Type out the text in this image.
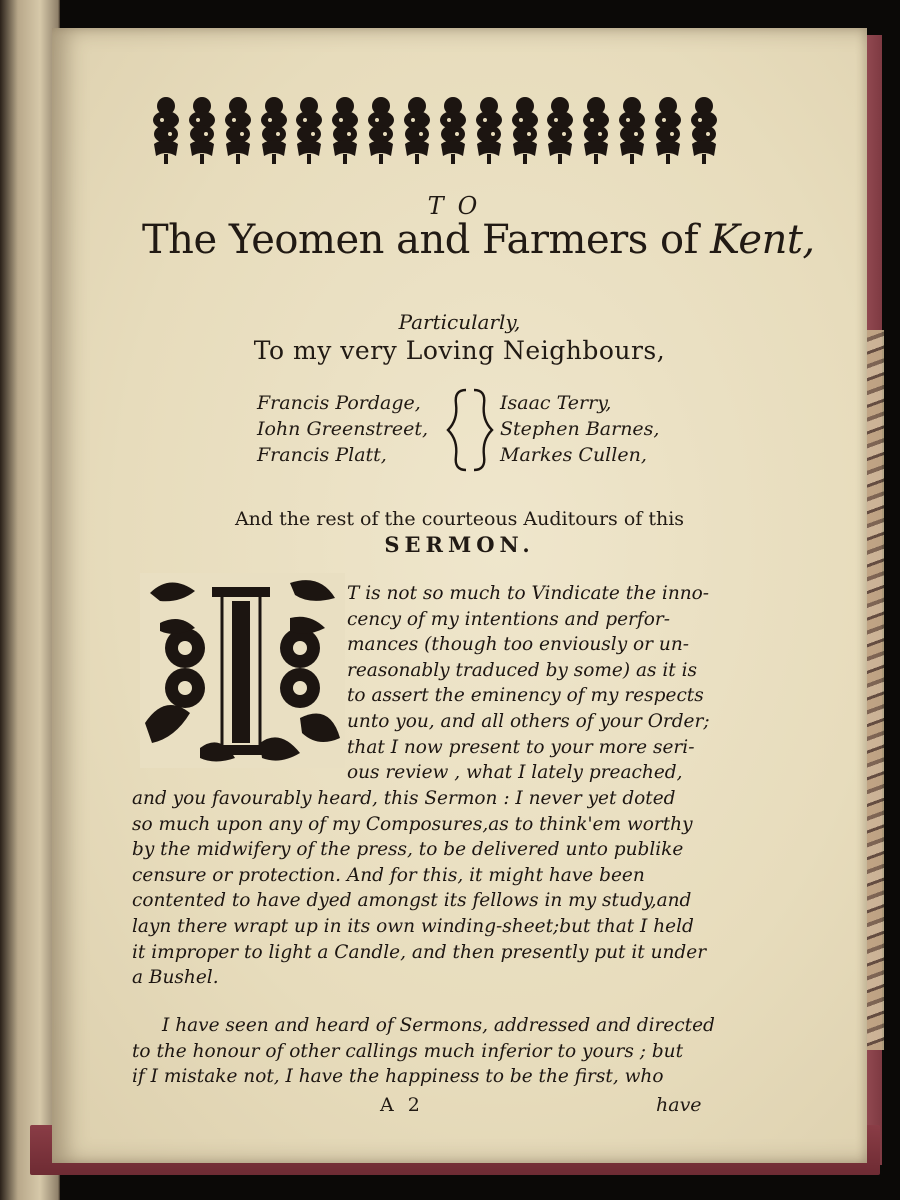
TO
The Yeomen and Farmers of Kent,
Particularly,
To my very Loving Neighbours,
Francis Pordage,
Iohn Greenstreet,
Francis Platt,
Isaac Terry,
Stephen Barnes,
Markes Cullen,
And the rest of the courteous Auditours of this
SERMON.
T is not so much to Vindicate the inno-
cency of my intentions and perfor-
mances (though too enviously or un-
reasonably traduced by some) as it is
to assert the eminency of my respects
unto you, and all others of your Order;
that I now present to your more seri-
ous review , what I lately preached,
and you favourably heard, this Sermon : I never yet doted
so much upon any of my Composures,as to think'em worthy
by the midwifery of the press, to be delivered unto publike
censure or protection. And for this, it might have been
contented to have dyed amongst its fellows in my study,and
layn there wrapt up in its own winding-sheet;but that I held
it improper to light a Candle, and then presently put it under
a Bushel.
I have seen and heard of Sermons, addressed and directed
to the honour of other callings much inferior to yours ; but
if I mistake not, I have the happiness to be the first, who
A 2	have
